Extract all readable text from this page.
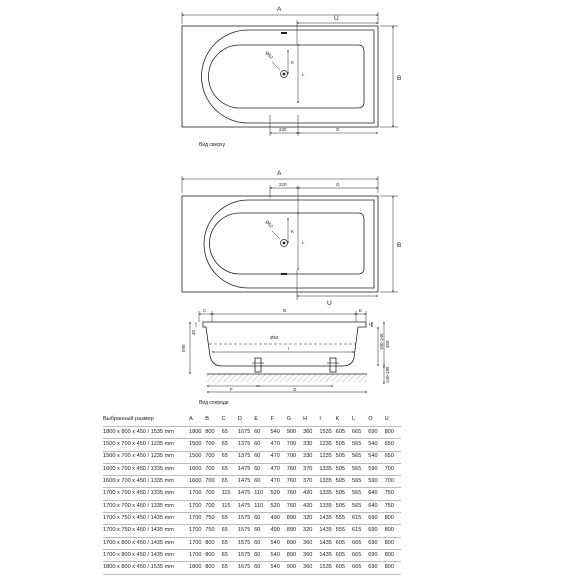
A
U
B
K
L
Ø52
220	O
Вид сверху
A
220	O
B
K
L
Ø52
U
C	D	E
590
45
Ø52
I
H
100-145 450
140-185
F	G
Вид спереди
Выбранный размер	A	B	C	D	E	F	G	H	I	K	L	O	U
1800 x 800 x 450 / 1535 mm	1800	800	65	1675	60	540	900	360	1535	605	665	690	800
1500 x 700 x 450 / 1235 mm	1500	700	65	1375	60	470	700	330	1235	505	565	540	650
1500 x 700 x 450 / 1235 mm	1500	700	65	1375	60	470	700	330	1235	505	565	540	650
1600 x 700 x 450 / 1335 mm	1600	700	65	1475	60	470	760	370	1335	505	565	590	700
1600 x 700 x 450 / 1335 mm	1600	700	65	1475	60	470	760	370	1335	505	565	590	700
1700 x 700 x 450 / 1335 mm	1700	700	115	1475	110	520	760	420	1335	505	565	640	750
1700 x 700 x 450 / 1335 mm	1700	700	115	1475	110	520	760	420	1335	505	565	640	750
1700 x 750 x 450 / 1435 mm	1700	750	65	1575	60	490	890	320	1435	555	615	690	800
1700 x 750 x 450 / 1435 mm	1700	750	65	1575	60	490	890	320	1435	555	615	690	800
1700 x 800 x 450 / 1435 mm	1700	800	65	1575	60	540	890	360	1435	605	665	690	800
1700 x 800 x 450 / 1435 mm	1700	800	65	1575	60	540	890	360	1435	605	665	690	800
1800 x 800 x 450 / 1535 mm	1800	800	65	1675	60	540	900	360	1535	605	665	690	800
